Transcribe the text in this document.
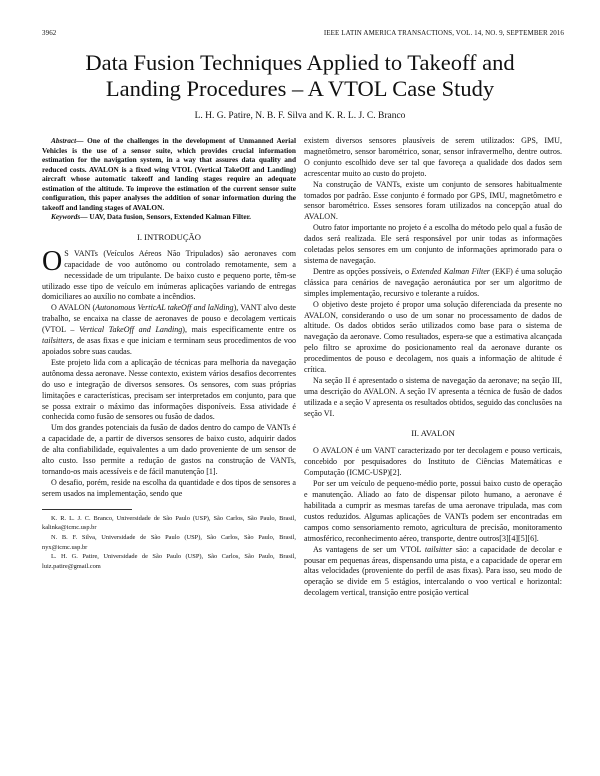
3962	IEEE LATIN AMERICA TRANSACTIONS, VOL. 14, NO. 9, SEPTEMBER 2016
Data Fusion Techniques Applied to Takeoff and
Landing Procedures – A VTOL Case Study
L. H. G. Patire, N. B. F. Silva and K. R. L. J. C. Branco

Abstract— One of the challenges in the development of Unmanned Aerial Vehicles is the use of a sensor suite, which provides crucial information estimation for the navigation system, in a way that assures data quality and reduced costs. AVALON is a fixed wing VTOL (Vertical TakeOff and Landing) aircraft whose automatic takeoff and landing stages require an adequate estimation of the altitude. To improve the estimation of the current sensor suite configuration, this paper analyses the addition of sonar information during the takeoff and landing stages of AVALON.

Keywords— UAV, Data fusion, Sensors, Extended Kalman Filter.

I. INTRODUÇÃO

O S VANTs (Veículos Aéreos Não Tripulados) são aeronaves com capacidade de voo autônomo ou controlado remotamente, sem a necessidade de um tripulante. De baixo custo e pequeno porte, têm-se utilizado esse tipo de veículo em inúmeras aplicações variando de entregas domiciliares ao auxílio no combate a incêndios.

O AVALON (Autonomous VerticAL takeOff and laNding), VANT alvo deste trabalho, se encaixa na classe de aeronaves de pouso e decolagem verticais (VTOL – Vertical TakeOff and Landing), mais especificamente entre os tailsitters, de asas fixas e que iniciam e terminam seus procedimentos de voo apoiados sobre suas caudas.

Este projeto lida com a aplicação de técnicas para melhoria da navegação autônoma dessa aeronave. Nesse contexto, existem vários desafios decorrentes do uso e integração de diversos sensores. Os sensores, com suas próprias limitações e características, precisam ser interpretados em conjunto, para que se possa extrair o máximo das informações disponíveis. Essa atividade é conhecida como fusão de sensores ou fusão de dados.

Um dos grandes potenciais da fusão de dados dentro do campo de VANTs é a capacidade de, a partir de diversos sensores de baixo custo, adquirir dados de alta confiabilidade, equivalentes a um dado proveniente de um sensor de alto custo. Isso permite a redução de gastos na construção de VANTs, tornando-os mais acessíveis e de fácil manutenção [1].

O desafio, porém, reside na escolha da quantidade e dos tipos de sensores a serem usados na implementação, sendo que

K. R. L. J. C. Branco, Universidade de São Paulo (USP), São Carlos, São Paulo, Brasil, kalinka@icmc.usp.br

N. B. F. Silva, Universidade de São Paulo (USP), São Carlos, São Paulo, Brasil, nyx@icmc.usp.br

L. H. G. Patire, Universidade de São Paulo (USP), São Carlos, São Paulo, Brasil, luiz.patire@gmail.com

existem diversos sensores plausíveis de serem utilizados: GPS, IMU, magnetômetro, sensor barométrico, sonar, sensor infravermelho, dentre outros. O conjunto escolhido deve ser tal que favoreça a qualidade dos dados sem acrescentar muito ao custo do projeto.

Na construção de VANTs, existe um conjunto de sensores habitualmente tomados por padrão. Esse conjunto é formado por GPS, IMU, magnetômetro e sensor barométrico. Esses sensores foram utilizados na concepção atual do AVALON.

Outro fator importante no projeto é a escolha do método pelo qual a fusão de dados será realizada. Ele será responsável por unir todas as informações coletadas pelos sensores em um conjunto de informações aprimorado para o sistema de navegação.

Dentre as opções possíveis, o Extended Kalman Filter (EKF) é uma solução clássica para cenários de navegação aeronáutica por ser um algoritmo de simples implementação, recursivo e tolerante a ruídos.

O objetivo deste projeto é propor uma solução diferenciada da presente no AVALON, considerando o uso de um sonar no processamento de dados de altitude. Os dados obtidos serão utilizados como base para o sistema de navegação da aeronave. Como resultados, espera-se que a estimativa alcançada pelo filtro se aproxime do posicionamento real da aeronave durante os procedimentos de pouso e decolagem, nos quais a informação de altitude é crítica.

Na seção II é apresentado o sistema de navegação da aeronave; na seção III, uma descrição do AVALON. A seção IV apresenta a técnica de fusão de dados utilizada e a seção V apresenta os resultados obtidos, seguido das conclusões na seção VI.

II. AVALON

O AVALON é um VANT caracterizado por ter decolagem e pouso verticais, concebido por pesquisadores do Instituto de Ciências Matemáticas e Computação (ICMC-USP)[2].

Por ser um veículo de pequeno-médio porte, possui baixo custo de operação e manutenção. Aliado ao fato de dispensar piloto humano, a aeronave é habilitada a cumprir as mesmas tarefas de uma aeronave tripulada, mas com custos reduzidos. Algumas aplicações de VANTs podem ser encontradas em campos como sensoriamento remoto, agricultura de precisão, monitoramento atmosférico, reconhecimento aéreo, transporte, dentre outros[3][4][5][6].

As vantagens de ser um VTOL tailsitter são: a capacidade de decolar e pousar em pequenas áreas, dispensando uma pista, e a capacidade de operar em altas velocidades (proveniente do perfil de asas fixas). Para isso, seu modo de operação se divide em 5 estágios, intercalando o voo vertical e horizontal: decolagem vertical, transição entre posição vertical
